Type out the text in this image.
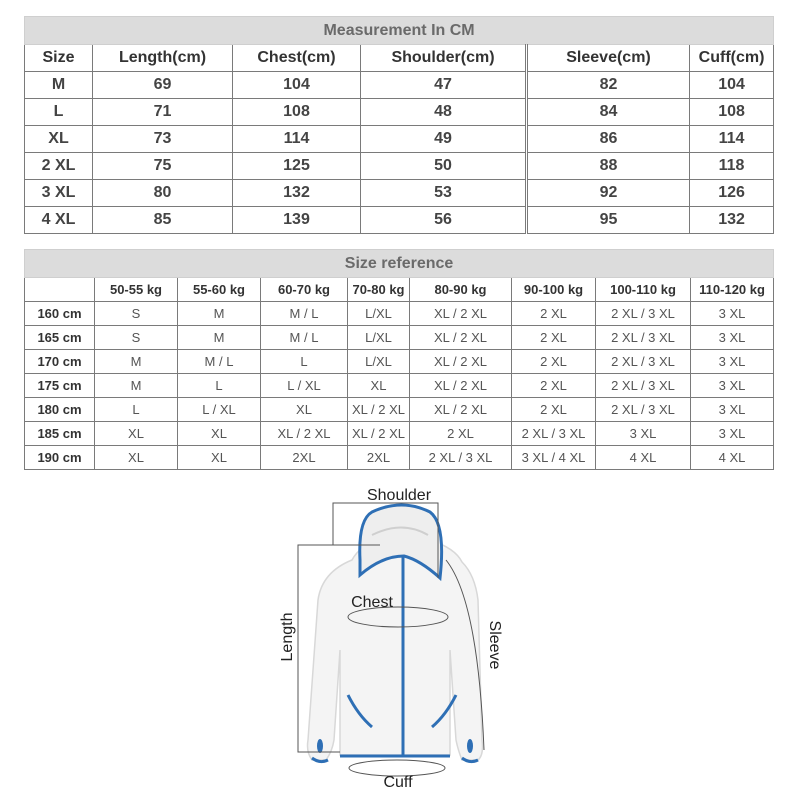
Measurement In CM					
Size	Length(cm)	Chest(cm)	Shoulder(cm)	Sleeve(cm)	Cuff(cm)
M	69	104	47	82	104
L	71	108	48	84	108
XL	73	114	49	86	114
2 XL	75	125	50	88	118
3 XL	80	132	53	92	126
4 XL	85	139	56	95	132
Size reference								
	50-55 kg	55-60 kg	60-70 kg	70-80 kg	80-90 kg	90-100 kg	100-110 kg	110-120 kg
160 cm	S	M	M / L	L/XL	XL / 2 XL	2 XL	2 XL / 3 XL	3 XL
165 cm	S	M	M / L	L/XL	XL / 2 XL	2 XL	2 XL / 3 XL	3 XL
170 cm	M	M / L	L	L/XL	XL / 2 XL	2 XL	2 XL / 3 XL	3 XL
175 cm	M	L	L / XL	XL	XL / 2 XL	2 XL	2 XL / 3 XL	3 XL
180 cm	L	L / XL	XL	XL / 2 XL	XL / 2 XL	2 XL	2 XL / 3 XL	3 XL
185 cm	XL	XL	XL / 2 XL	XL / 2 XL	2 XL	2 XL / 3 XL	3 XL	3 XL
190 cm	XL	XL	2XL	2XL	2 XL / 3 XL	3 XL / 4 XL	4 XL	4 XL
Shoulder
Chest
Length	Sleeve
Cuff
